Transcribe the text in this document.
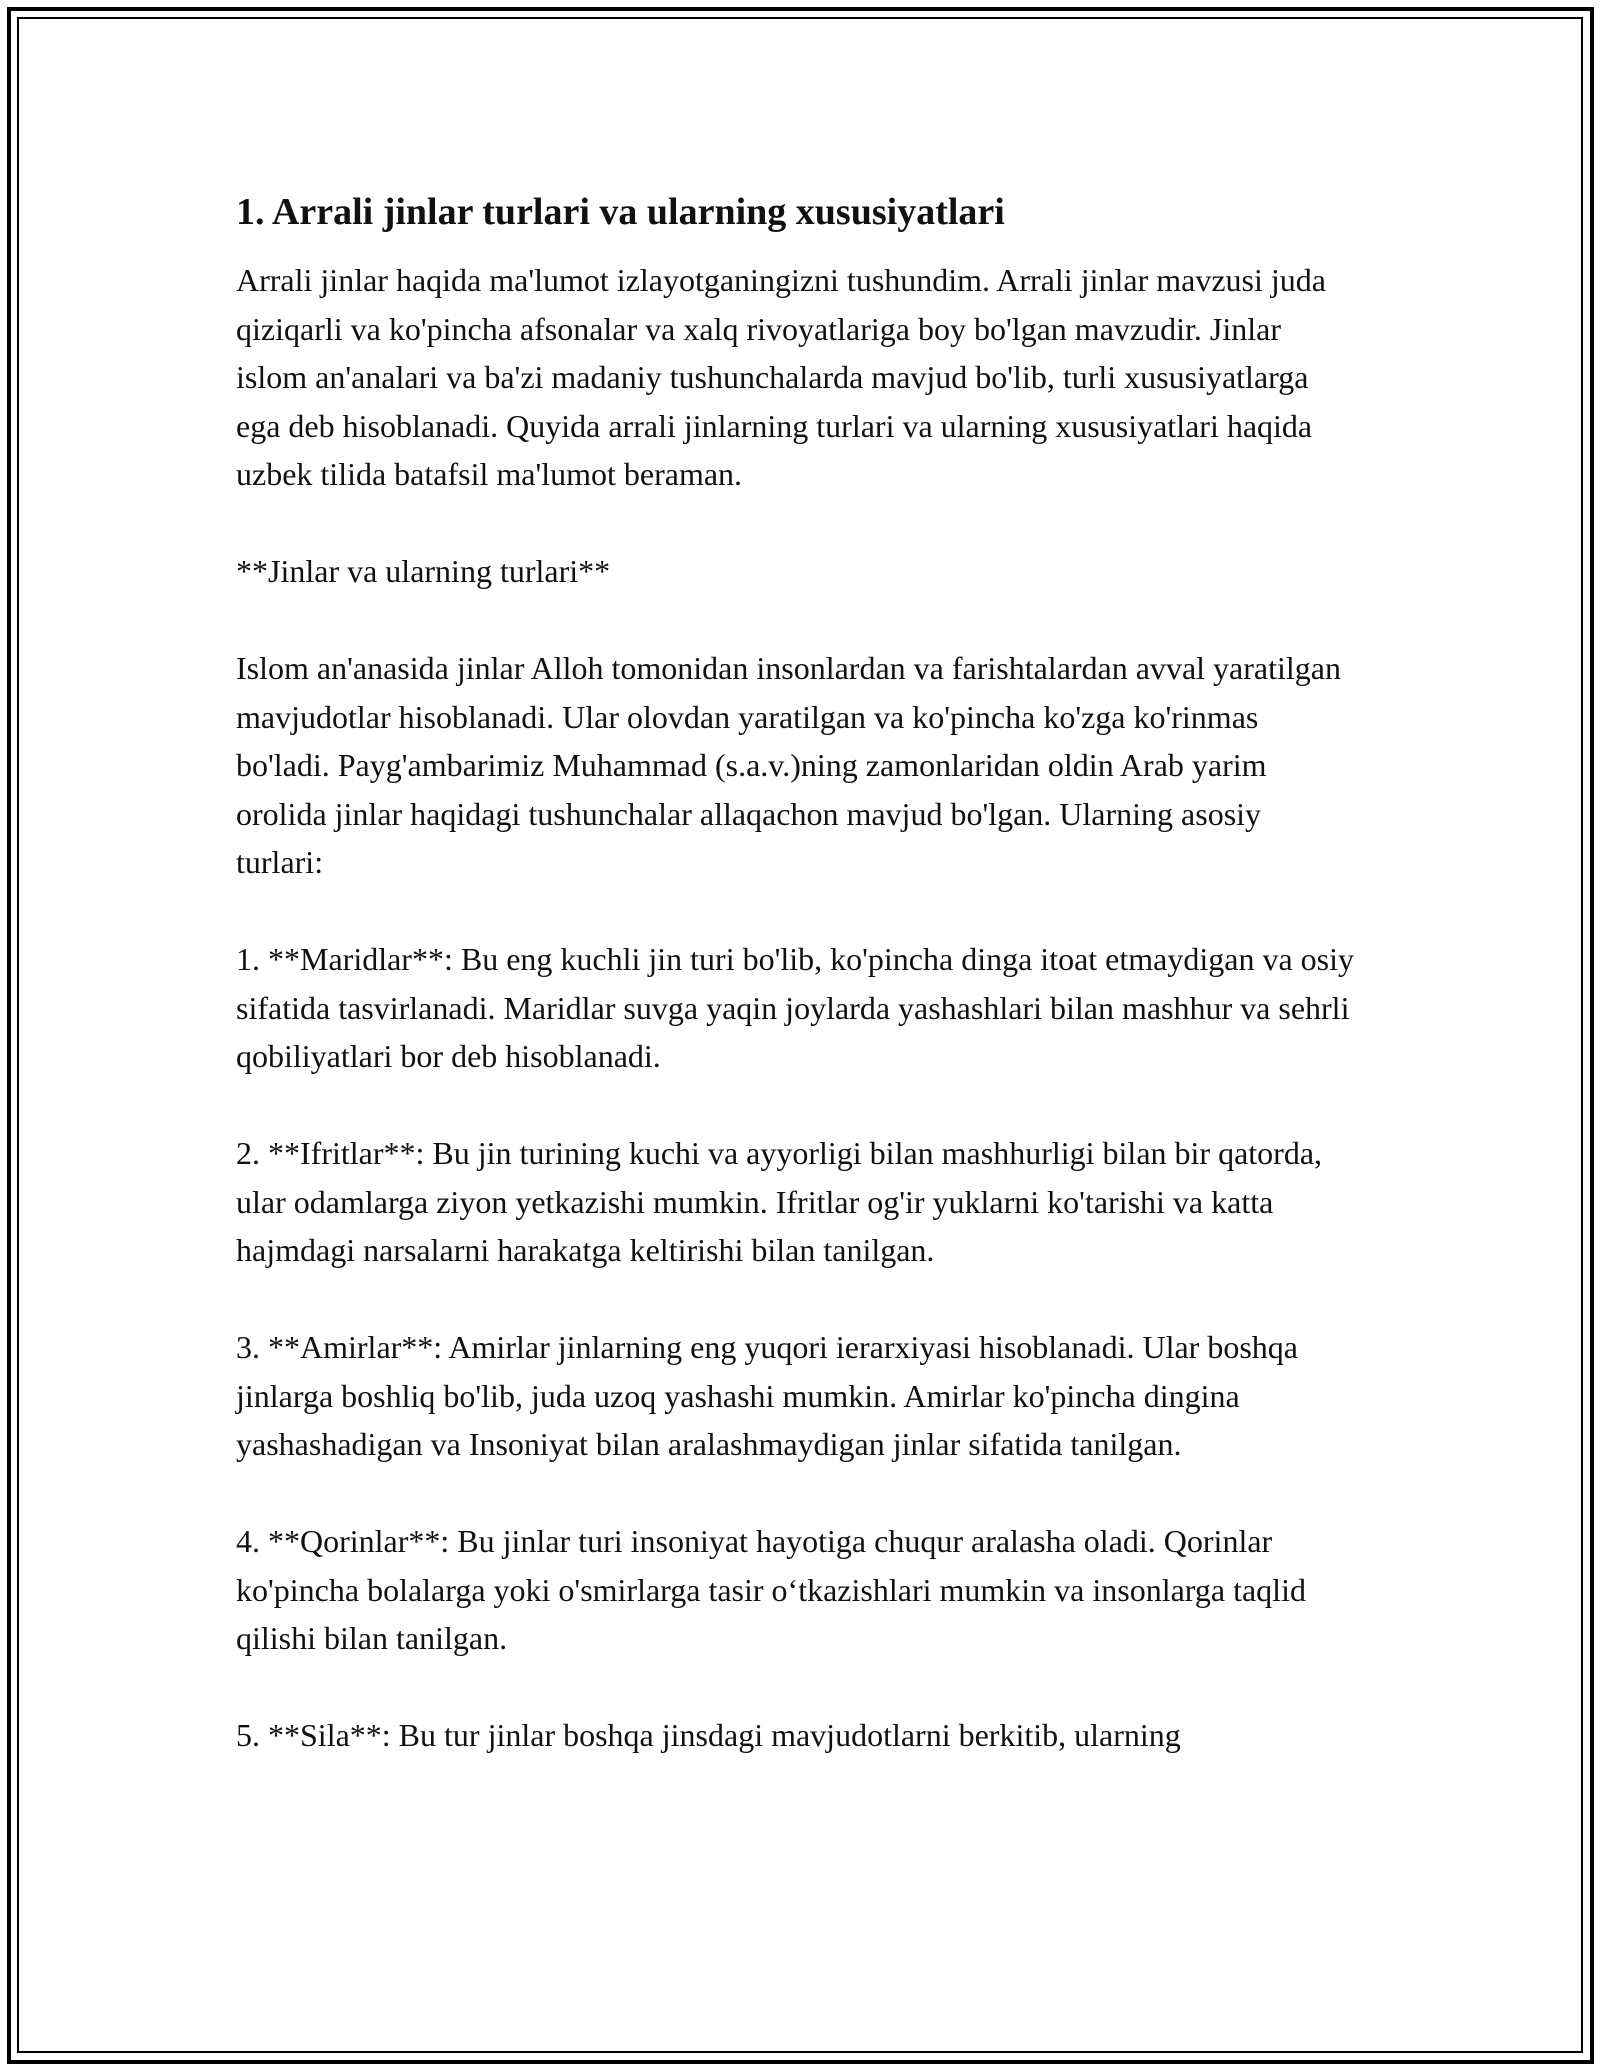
1. Arrali jinlar turlari va ularning xususiyatlari

Arrali jinlar haqida ma'lumot izlayotganingizni tushundim. Arrali jinlar mavzusi juda qiziqarli va ko'pincha afsonalar va xalq rivoyatlariga boy bo'lgan mavzudir. Jinlar islom an'analari va ba'zi madaniy tushunchalarda mavjud bo'lib, turli xususiyatlarga ega deb hisoblanadi. Quyida arrali jinlarning turlari va ularning xususiyatlari haqida uzbek tilida batafsil ma'lumot beraman.

**Jinlar va ularning turlari**

Islom an'anasida jinlar Alloh tomonidan insonlardan va farishtalardan avval yaratilgan mavjudotlar hisoblanadi. Ular olovdan yaratilgan va ko'pincha ko'zga ko'rinmas bo'ladi. Payg'ambarimiz Muhammad (s.a.v.)ning zamonlaridan oldin Arab yarim orolida jinlar haqidagi tushunchalar allaqachon mavjud bo'lgan. Ularning asosiy turlari:

1. **Maridlar**: Bu eng kuchli jin turi bo'lib, ko'pincha dinga itoat etmaydigan va osiy sifatida tasvirlanadi. Maridlar suvga yaqin joylarda yashashlari bilan mashhur va sehrli qobiliyatlari bor deb hisoblanadi.

2. **Ifritlar**: Bu jin turining kuchi va ayyorligi bilan mashhurligi bilan bir qatorda, ular odamlarga ziyon yetkazishi mumkin. Ifritlar og'ir yuklarni ko'tarishi va katta hajmdagi narsalarni harakatga keltirishi bilan tanilgan.

3. **Amirlar**: Amirlar jinlarning eng yuqori ierarxiyasi hisoblanadi. Ular boshqa jinlarga boshliq bo'lib, juda uzoq yashashi mumkin. Amirlar ko'pincha dingina yashashadigan va Insoniyat bilan aralashmaydigan jinlar sifatida tanilgan.

4. **Qorinlar**: Bu jinlar turi insoniyat hayotiga chuqur aralasha oladi. Qorinlar ko'pincha bolalarga yoki o'smirlarga tasir o‘tkazishlari mumkin va insonlarga taqlid qilishi bilan tanilgan.

5. **Sila**: Bu tur jinlar boshqa jinsdagi mavjudotlarni berkitib, ularning
